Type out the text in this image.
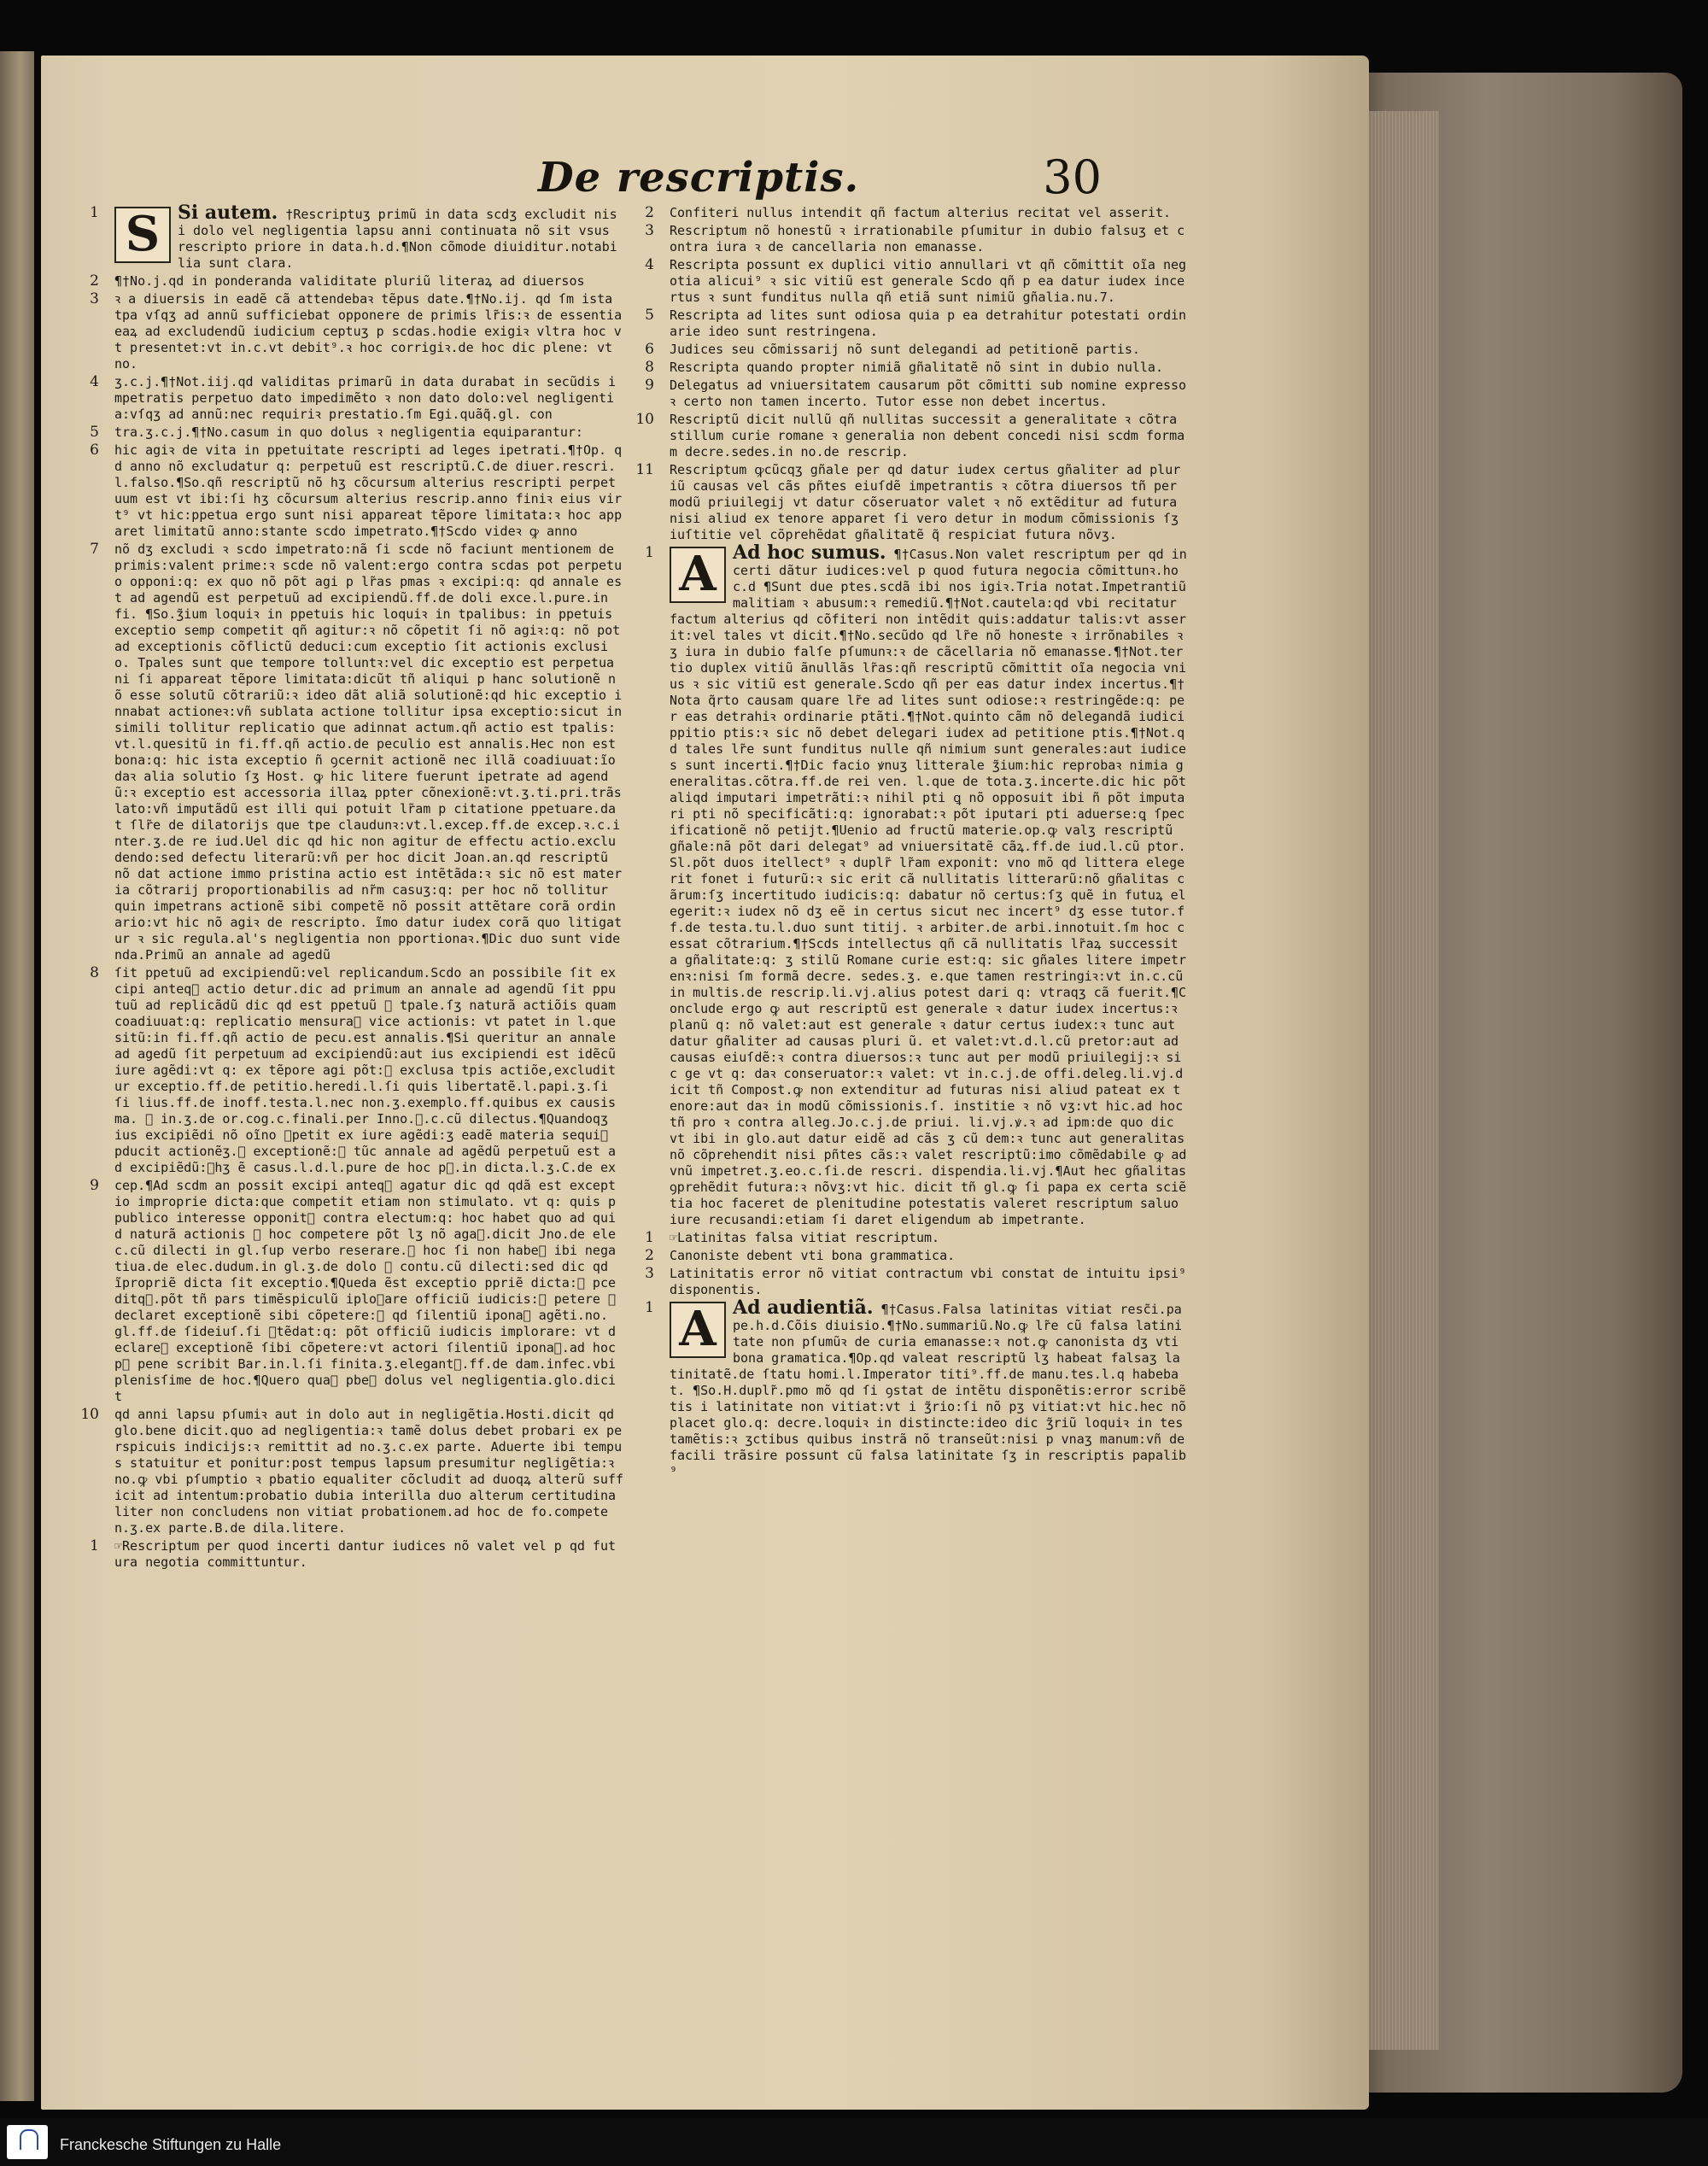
De rescriptis.	30
1 S Si autem. †Rescriptuʒ primũ in data scdʒ excludit nisi dolo vel negligentia lapsu anni continuata nõ sit vsus rescripto priore in data.h.d.¶Non cõmode diuiditur.notabilia sunt clara.
2 ¶†No.j.qd in ponderanda validitate pluriũ literaꝝ ad diuersos
3 ꝛ a diuersis in eadẽ cã attendebaꝛ tẽpus date.¶†No.ij. qd ſm ista tpa vſqʒ ad annũ sufficiebat opponere de primis lr̃is:ꝛ de essentia eaꝝ ad excludendũ iudicium ceptuʒ p scdas.hodie exigiꝛ vltra hoc vt presentet:vt in.c.vt debit⁹.ꝛ hoc corrigiꝛ.de hoc dic plene: vt no.
4 ʒ.c.j.¶†Not.iij.qd validitas primarũ in data durabat in secũdis impetratis perpetuo dato impedimẽto ꝛ non dato dolo:vel negligentia:vſqʒ ad annũ:nec requiriꝛ prestatio.ſm Egi.quãq̃.gl. con
5 tra.ʒ.c.j.¶†No.casum in quo dolus ꝛ negligentia equiparantur:
6 hic agiꝛ de vita in ppetuitate rescripti ad leges ipetrati.¶†Op. qd anno nõ excludatur q: perpetuũ est rescriptũ.C.de diuer.rescri. l.falso.¶So.qñ rescriptũ nõ hʒ cõcursum alterius rescripti perpetuum est vt ibi:ſi hʒ cõcursum alterius rescrip.anno finiꝛ eius virt⁹ vt hic:ppetua ergo sunt nisi appareat tẽpore limitata:ꝛ hoc apparet limitatũ anno:stante scdo impetrato.¶†Scdo videꝛ ꝙ anno
7 nõ dʒ excludi ꝛ scdo impetrato:nã ſi scde nõ faciunt mentionem de primis:valent prime:ꝛ scde nõ valent:ergo contra scdas pot perpetuo opponi:q: ex quo nõ põt agi p lr̃as pmas ꝛ excipi:q: qd annale est ad agendũ est perpetuũ ad excipiendũ.ff.de doli exce.l.pure.in fi. ¶So.ʒ̃ium loquiꝛ in ppetuis hic loquiꝛ in tpalibus: in ppetuis exceptio semp competit qñ agitur:ꝛ nõ cõpetit ſi nõ agiꝛ:q: nõ pot ad exceptionis cõflictũ deduci:cum exceptio ſit actionis exclusio. Tpales sunt que tempore tolluntꝛ:vel dic exceptio est perpetua ni ſi appareat tẽpore limitata:dicũt tñ aliqui p hanc solutionẽ nõ esse solutũ cõtrariũ:ꝛ ideo dãt aliã solutionẽ:qd hic exceptio innabat actioneꝛ:vñ sublata actione tollitur ipsa exceptio:sicut in simili tollitur replicatio que adinnat actum.qñ actio est tpalis:vt.l.quesitũ in fi.ff.qñ actio.de peculio est annalis.Hec non est bona:q: hic ista exceptio ñ ꝯcernit actionẽ nec illã coadiuuat:ĩo daꝛ alia solutio ſʒ Host. ꝙ hic litere fuerunt ipetrate ad agendũ:ꝛ exceptio est accessoria illaꝝ ppter cõnexionẽ:vt.ʒ.ti.pri.trãslato:vñ imputãdũ est illi qui potuit lr̃am p citatione ppetuare.dat ſlr̃e de dilatorijs que tpe claudunꝛ:vt.l.excep.ff.de excep.ꝛ.c.inter.ʒ.de re iud.Uel dic qd hic non agitur de effectu actio.excludendo:sed defectu literarũ:vñ per hoc dicit Joan.an.qd rescriptũ nõ dat actione immo pristina actio est intẽtãda:ꝛ sic nõ est materia cõtrarij proportionabilis ad nr̃m casuʒ:q: per hoc nõ tollitur quin impetrans actionẽ sibi competẽ nõ possit attẽtare corã ordinario:vt hic nõ agiꝛ de rescripto. ĩmo datur iudex corã quo litigatur ꝛ sic regula.al's negligentia non pportionaꝛ.¶Dic duo sunt videnda.Primũ an annale ad agedũ
8 ſit ppetuũ ad excipiendũ:vel replicandum.Scdo an possibile ſit excipi anteqᷓ actio detur.dic ad primum an annale ad agendũ ſit pputuũ ad replicãdũ dic qd est ppetuũ ꝛ tpale.ſʒ naturã actiõis quam coadiuuat:q: replicatio mensuraꝛ vice actionis: vt patet in l.quesitũ:in fi.ff.qñ actio de pecu.est annalis.¶Si queritur an annale ad agedũ ſit perpetuum ad excipiendũ:aut ius excipiendi est idẽcũ iure agẽdi:vt q: ex tẽpore agi põt:ꝛ exclusa tpis actiõe,excluditur exceptio.ff.de petitio.heredi.l.ſi quis libertatẽ.l.papi.ʒ.ſi ſi lius.ff.de inoff.testa.l.nec non.ʒ.exemplo.ff.quibus ex causis ma. ꝛ in.ʒ.de or.cog.c.finali.per Inno.ꝛ.c.cũ dilectus.¶Quandoqʒ ius excipiẽdi nõ oĩno ꝯpetit ex iure agẽdi:ʒ eadẽ materia sequiꝛ pducit actionẽʒ.ꝛ exceptionẽ:ꝛ tũc annale ad agẽdũ perpetuũ est ad excipiẽdũ:ꝛhʒ ẽ casus.l.d.l.pure de hoc pꝯ.in dicta.l.ʒ.C.de ex
9 cep.¶Ad scdm an possit excipi anteqᷓ agatur dic qd qdã est exceptio improprie dicta:que competit etiam non stimulato. vt q: quis p publico interesse opponitꝛ contra electum:q: hoc habet quo ad quid naturã actionis ꝛ hoc competere põt lʒ nõ agaꝛ.dicit Jno.de elec.cũ dilecti in gl.ſup verbo reserare.ꝛ hoc ſi non habeꝛ ibi negatiua.de elec.dudum.in gl.ʒ.de dolo ꝛ contu.cũ dilecti:sed dic qd ĩpropriẽ dicta ſit exceptio.¶Queda ẽst exceptio ppriẽ dicta:ꝛ pceditqꝫ.põt tñ pars timẽspiculũ iploꝛare officiũ iudicis:ꝛ petere ꝙ declaret exceptionẽ sibi cõpetere:ꝛ qd ſilentiũ iponaꝛ agẽti.no. gl.ff.de ſideiuſ.ſi ꝯtẽdat:q: põt officiũ iudicis implorare: vt declareꝛ exceptionẽ ſibi cõpetere:vt actori ſilentiũ iponaꝛ.ad hoc pꝯ pene scribit Bar.in.l.ſi finita.ʒ.elegantꝛ.ff.de dam.infec.vbi plenisſime de hoc.¶Quero quaꝛ pbeꝛ dolus vel negligentia.glo.dicit
10 qd anni lapsu pſumiꝛ aut in dolo aut in negligẽtia.Hosti.dicit qd glo.bene dicit.quo ad negligentia:ꝛ tamẽ dolus debet probari ex perspicuis indicijs:ꝛ remittit ad no.ʒ.c.ex parte. Aduerte ibi tempus statuitur et ponitur:post tempus lapsum presumitur negligẽtia:ꝛ no.ꝙ vbi pſumptio ꝛ pbatio equaliter cõcludit ad duoqꝝ alterũ sufficit ad intentum:probatio dubia interilla duo alterum certitudinaliter non concludens non vitiat probationem.ad hoc de fo.competen.ʒ.ex parte.B.de dila.litere.
1 ☞Rescriptum per quod incerti dantur iudices nõ valet vel p qd futura negotia committuntur.
2 Confiteri nullus intendit qñ factum alterius recitat vel asserit.
3 Rescriptum nõ honestũ ꝛ irrationabile pſumitur in dubio falsuʒ et contra iura ꝛ de cancellaria non emanasse.
4 Rescripta possunt ex duplici vitio annullari vt qñ cõmittit oĩa negotia alicui⁹ ꝛ sic vitiũ est generale Scdo qñ p ea datur iudex incertus ꝛ sunt funditus nulla qñ etiã sunt nimiũ gñalia.nu.7.
5 Rescripta ad lites sunt odiosa quia p ea detrahitur potestati ordinarie ideo sunt restringena.
6 Judices seu cõmissarij nõ sunt delegandi ad petitionẽ partis.
8 Rescripta quando propter nimiã gñalitatẽ nõ sint in dubio nulla.
9 Delegatus ad vniuersitatem causarum põt cõmitti sub nomine expresso ꝛ certo non tamen incerto. Tutor esse non debet incertus.
10 Rescriptũ dicit nullũ qñ nullitas successit a generalitate ꝛ cõtra stillum curie romane ꝛ generalia non debent concedi nisi scdm formam decre.sedes.in no.de rescrip.
11 Rescriptum ꝙcũcqʒ gñale per qd datur iudex certus gñaliter ad pluriũ causas vel cãs pñtes eiuſdẽ impetrantis ꝛ cõtra diuersos tñ per modũ priuilegij vt datur cõseruator valet ꝛ nõ extẽditur ad futura nisi aliud ex tenore apparet ſi vero detur in modum cõmissionis ſʒ iuſtitie vel cõprehẽdat gñalitatẽ q̃ respiciat futura nõvʒ.
1 A Ad hoc sumus. ¶†Casus.Non valet rescriptum per qd incerti dãtur iudices:vel p quod futura negocia cõmittunꝛ.hoc.d ¶Sunt due ptes.scdã ibi nos igiꝛ.Tria notat.Impetrantiũ malitiam ꝛ abusum:ꝛ remediũ.¶†Not.cautela:qd vbi recitatur factum alterius qd cõfiteri non intẽdit quis:addatur talis:vt asserit:vel tales vt dicit.¶†No.secũdo qd lr̃e nõ honeste ꝛ irrõnabiles ꝛ ʒ iura in dubio falſe pſumunꝛ:ꝛ de cãcellaria nõ emanasse.¶†Not.tertio duplex vitiũ ãnullãs lr̃as:qñ rescriptũ cõmittit oĩa negocia vnius ꝛ sic vitiũ est generale.Scdo qñ per eas datur index incertus.¶†Nota q̃rto causam quare lr̃e ad lites sunt odiose:ꝛ restringẽde:q: per eas detrahiꝛ ordinarie ptãti.¶†Not.quinto cãm nõ delegandã iudici ppitio ptis:ꝛ sic nõ debet delegari iudex ad petitione ptis.¶†Not.qd tales lr̃e sunt funditus nulle qñ nimium sunt generales:aut iudices sunt incerti.¶†Dic facio ꝟnuʒ litterale ʒ̃ium:hic reprobaꝛ nimia generalitas.cõtra.ff.de rei ven. l.que de tota.ʒ.incerte.dic hic põt aliqd imputari impetrãti:ꝛ nihil pti ꝗ nõ opposuit ibi ñ põt imputari pti nõ specificãti:q: ignorabat:ꝛ põt iputari pti aduerse:ꝗ ſpecificationẽ nõ petijt.¶Uenio ad fructũ materie.op.ꝙ valʒ rescriptũ gñale:nã põt dari delegat⁹ ad vniuersitatẽ cãꝝ.ff.de iud.l.cũ ptor.Sl.põt duos itellect⁹ ꝛ duplr̃ lr̃am exponit: vno mõ qd littera elegerit fonet i futurũ:ꝛ sic erit cã nullitatis litterarũ:nõ gñalitas cãrum:ſʒ incertitudo iudicis:q: dabatur nõ certus:ſʒ quẽ in futuꝝ elegerit:ꝛ iudex nõ dʒ eẽ in certus sicut nec incert⁹ dʒ esse tutor.ff.de testa.tu.l.duo sunt titij. ꝛ arbiter.de arbi.innotuit.ſm hoc cessat cõtrarium.¶†Scds intellectus qñ cã nullitatis lr̃aꝝ successit a gñalitate:q: ʒ stilũ Romane curie est:q: sic gñales litere impetrenꝛ:nisi ſm formã decre. sedes.ʒ. e.que tamen restringiꝛ:vt in.c.cũ in multis.de rescrip.li.vj.alius potest dari q: vtraqʒ cã fuerit.¶Conclude ergo ꝙ aut rescriptũ est generale ꝛ datur iudex incertus:ꝛ planũ q: nõ valet:aut est generale ꝛ datur certus iudex:ꝛ tunc aut datur gñaliter ad causas pluri ũ. et valet:vt.d.l.cũ pretor:aut ad causas eiuſdẽ:ꝛ contra diuersos:ꝛ tunc aut per modũ priuilegij:ꝛ sic ge vt q: daꝛ conseruator:ꝛ valet: vt in.c.j.de offi.deleg.li.vj.dicit tñ Compost.ꝙ non extenditur ad futuras nisi aliud pateat ex tenore:aut daꝛ in modũ cõmissionis.ſ. institie ꝛ nõ vʒ:vt hic.ad hoc tñ pro ꝛ contra alleg.Jo.c.j.de priui. li.vj.ꝟ.ꝛ ad ipm:de quo dic vt ibi in glo.aut datur eidẽ ad cãs ʒ cũ dem:ꝛ tunc aut generalitas nõ cõprehendit nisi pñtes cãs:ꝛ valet rescriptũ:imo cõmẽdabile ꝙ ad vnũ impetret.ʒ.eo.c.ſi.de rescri. dispendia.li.vj.¶Aut hec gñalitas ꝯprehẽdit futura:ꝛ nõvʒ:vt hic. dicit tñ gl.ꝙ ſi papa ex certa sciẽtia hoc faceret de plenitudine potestatis valeret rescriptum saluo iure recusandi:etiam ſi daret eligendum ab impetrante.
1 ☞Latinitas falsa vitiat rescriptum.
2 Canoniste debent vti bona grammatica.
3 Latinitatis error nõ vitiat contractum vbi constat de intuitu ipsi⁹ disponentis.
1 A Ad audientiã. ¶†Casus.Falsa latinitas vitiat resc̃i.pape.h.d.Cõis diuisio.¶†No.summariũ.No.ꝙ lr̃e cũ falsa latinitate non pſumũꝛ de curia emanasse:ꝛ not.ꝙ canonista dʒ vti bona gramatica.¶Op.qd valeat rescriptũ lʒ habeat falsaʒ latinitatẽ.de ſtatu homi.l.Imperator titi⁹.ff.de manu.tes.l.q habebat. ¶So.H.duplr̃.pmo mõ qd ſi ꝯstat de intẽtu disponẽtis:error scribẽtis i latinitate non vitiat:vt i ʒ̃rio:ſi nõ pʒ vitiat:vt hic.hec nõ placet glo.q: decre.loquiꝛ in distincte:ideo dic ʒ̃riũ loquiꝛ in testamẽtis:ꝛ ʒctibus quibus instrã nõ transeũt:nisi p vnaʒ manum:vñ de facili trãsire possunt cũ falsa latinitate ſʒ in rescriptis papalib⁹
Franckesche Stiftungen zu Halle
